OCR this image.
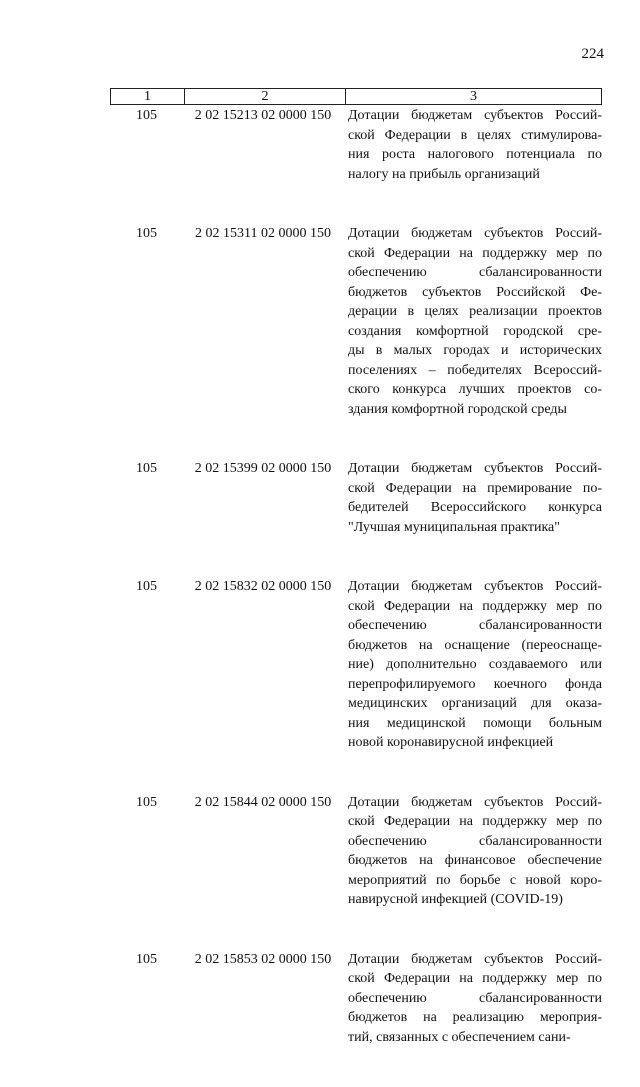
224
1	2	3
105	2 02 15213 02 0000 150	Дотации бюджетам субъектов Россий-
ской Федерации в целях стимулирова-
ния роста налогового потенциала по
налогу на прибыль организаций
105	2 02 15311 02 0000 150	Дотации бюджетам субъектов Россий-
ской Федерации на поддержку мер по
обеспечению сбалансированности
бюджетов субъектов Российской Фе-
дерации в целях реализации проектов
создания комфортной городской сре-
ды в малых городах и исторических
поселениях – победителях Всероссий-
ского конкурса лучших проектов со-
здания комфортной городской среды
105	2 02 15399 02 0000 150	Дотации бюджетам субъектов Россий-
ской Федерации на премирование по-
бедителей Всероссийского конкурса
"Лучшая муниципальная практика"
105	2 02 15832 02 0000 150	Дотации бюджетам субъектов Россий-
ской Федерации на поддержку мер по
обеспечению сбалансированности
бюджетов на оснащение (переоснаще-
ние) дополнительно создаваемого или
перепрофилируемого коечного фонда
медицинских организаций для оказа-
ния медицинской помощи больным
новой коронавирусной инфекцией
105	2 02 15844 02 0000 150	Дотации бюджетам субъектов Россий-
ской Федерации на поддержку мер по
обеспечению сбалансированности
бюджетов на финансовое обеспечение
мероприятий по борьбе с новой коро-
навирусной инфекцией (COVID-19)
105	2 02 15853 02 0000 150	Дотации бюджетам субъектов Россий-
ской Федерации на поддержку мер по
обеспечению сбалансированности
бюджетов на реализацию мероприя-
тий, связанных с обеспечением сани-
